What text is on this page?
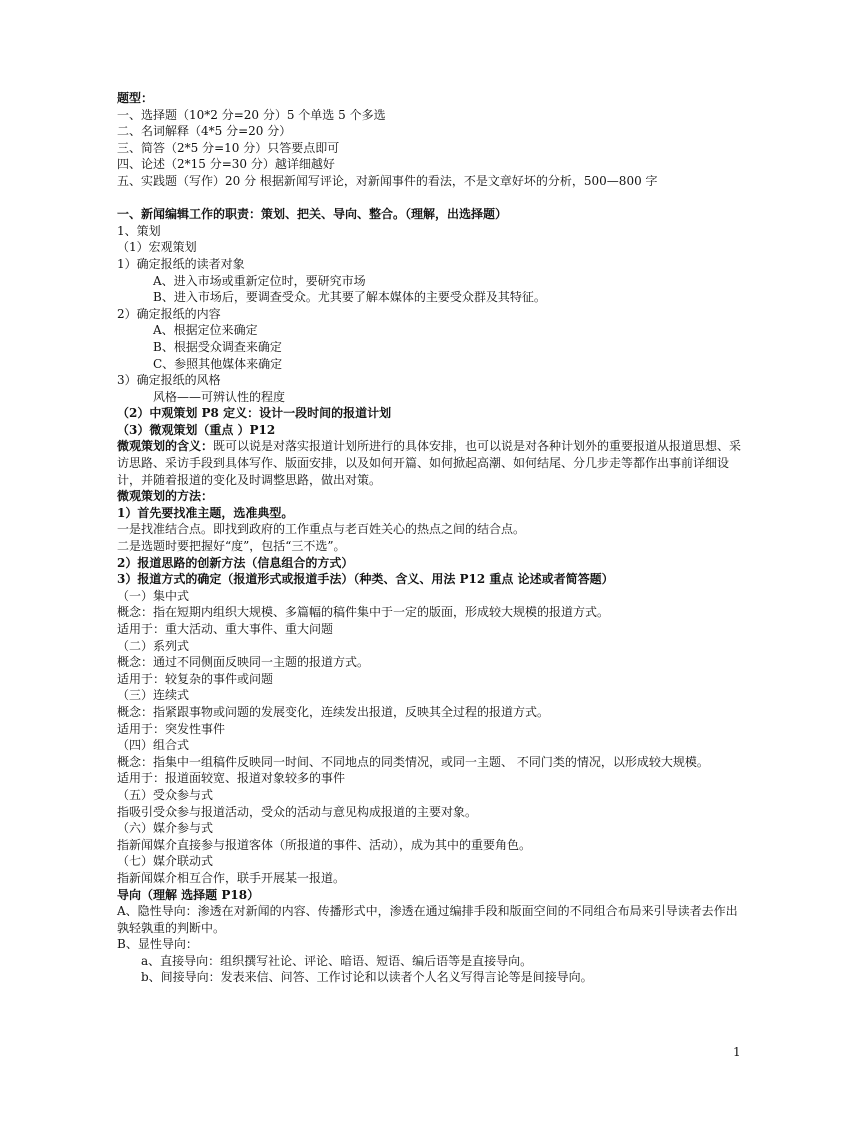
题型：
一、选择题（10*2 分=20 分）5 个单选 5 个多选
二、名词解释（4*5 分=20 分）
三、简答（2*5 分=10 分）只答要点即可
四、论述（2*15 分=30 分）越详细越好
五、实践题（写作）20 分 根据新闻写评论，对新闻事件的看法，不是文章好坏的分析，500—800 字
一、新闻编辑工作的职责：策划、把关、导向、整合。（理解，出选择题）
1、策划
（1）宏观策划
1）确定报纸的读者对象
A、进入市场或重新定位时，要研究市场
B、进入市场后，要调查受众。尤其要了解本媒体的主要受众群及其特征。
2）确定报纸的内容
A、根据定位来确定
B、根据受众调查来确定
C、参照其他媒体来确定
3）确定报纸的风格
风格——可辨认性的程度
（2）中观策划 P8 定义：设计一段时间的报道计划
（3）微观策划（重点 ）P12
微观策划的含义：既可以说是对落实报道计划所进行的具体安排，也可以说是对各种计划外的重要报道从报道思想、采访思路、采访手段到具体写作、版面安排，以及如何开篇、如何掀起高潮、如何结尾、分几步走等都作出事前详细设计，并随着报道的变化及时调整思路，做出对策。
微观策划的方法：
1）首先要找准主题，选准典型。
一是找准结合点。即找到政府的工作重点与老百姓关心的热点之间的结合点。
二是选题时要把握好“度”，包括“三不选”。
2）报道思路的创新方法（信息组合的方式）
3）报道方式的确定（报道形式或报道手法）（种类、含义、用法 P12 重点 论述或者简答题）
（一）集中式
概念：指在短期内组织大规模、多篇幅的稿件集中于一定的版面，形成较大规模的报道方式。
适用于：重大活动、重大事件、重大问题
（二）系列式
概念：通过不同侧面反映同一主题的报道方式。
适用于：较复杂的事件或问题
（三）连续式
概念：指紧跟事物或问题的发展变化，连续发出报道，反映其全过程的报道方式。
适用于：突发性事件
（四）组合式
概念：指集中一组稿件反映同一时间、不同地点的同类情况，或同一主题、 不同门类的情况，以形成较大规模。
适用于：报道面较宽、报道对象较多的事件
（五）受众参与式
指吸引受众参与报道活动，受众的活动与意见构成报道的主要对象。
（六）媒介参与式
指新闻媒介直接参与报道客体（所报道的事件、活动），成为其中的重要角色。
（七）媒介联动式
指新闻媒介相互合作，联手开展某一报道。
导向（理解 选择题 P18）
A、隐性导向：渗透在对新闻的内容、传播形式中，渗透在通过编排手段和版面空间的不同组合布局来引导读者去作出孰轻孰重的判断中。
B、显性导向：
a、直接导向：组织撰写社论、评论、暗语、短语、编后语等是直接导向。
b、间接导向：发表来信、问答、工作讨论和以读者个人名义写得言论等是间接导向。
1
